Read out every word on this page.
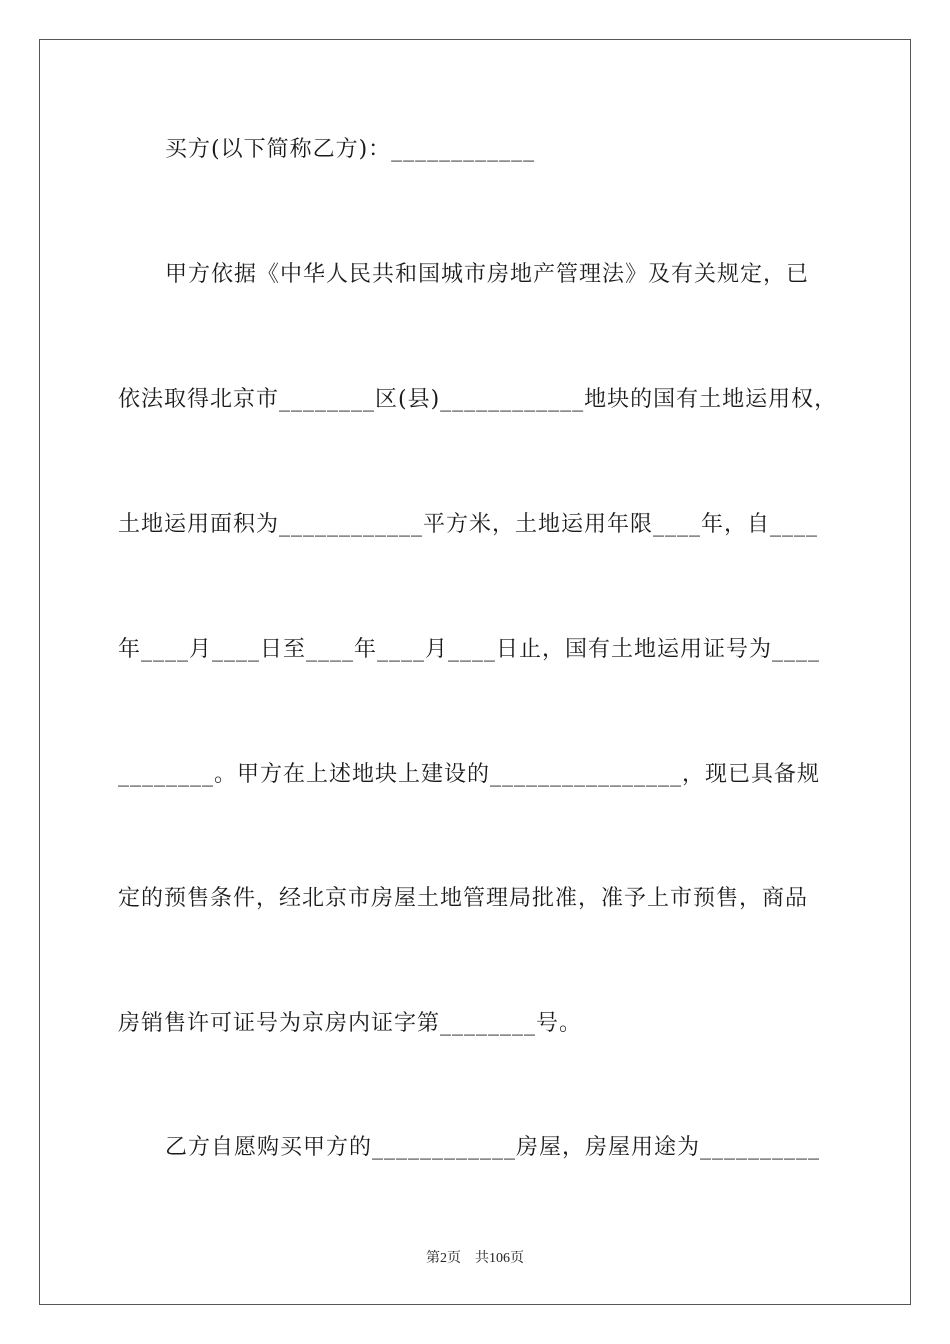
买方(以下简称乙方)：____________
甲方依据《中华人民共和国城市房地产管理法》及有关规定，已
依法取得北京市________区(县)____________地块的国有土地运用权，
土地运用面积为____________平方米，土地运用年限____年，自____
年____月____日至____年____月____日止，国有土地运用证号为____
________。甲方在上述地块上建设的________________，现已具备规
定的预售条件，经北京市房屋土地管理局批准，准予上市预售，商品
房销售许可证号为京房内证字第________号。
乙方自愿购买甲方的____________房屋，房屋用途为__________
第2页 共106页
